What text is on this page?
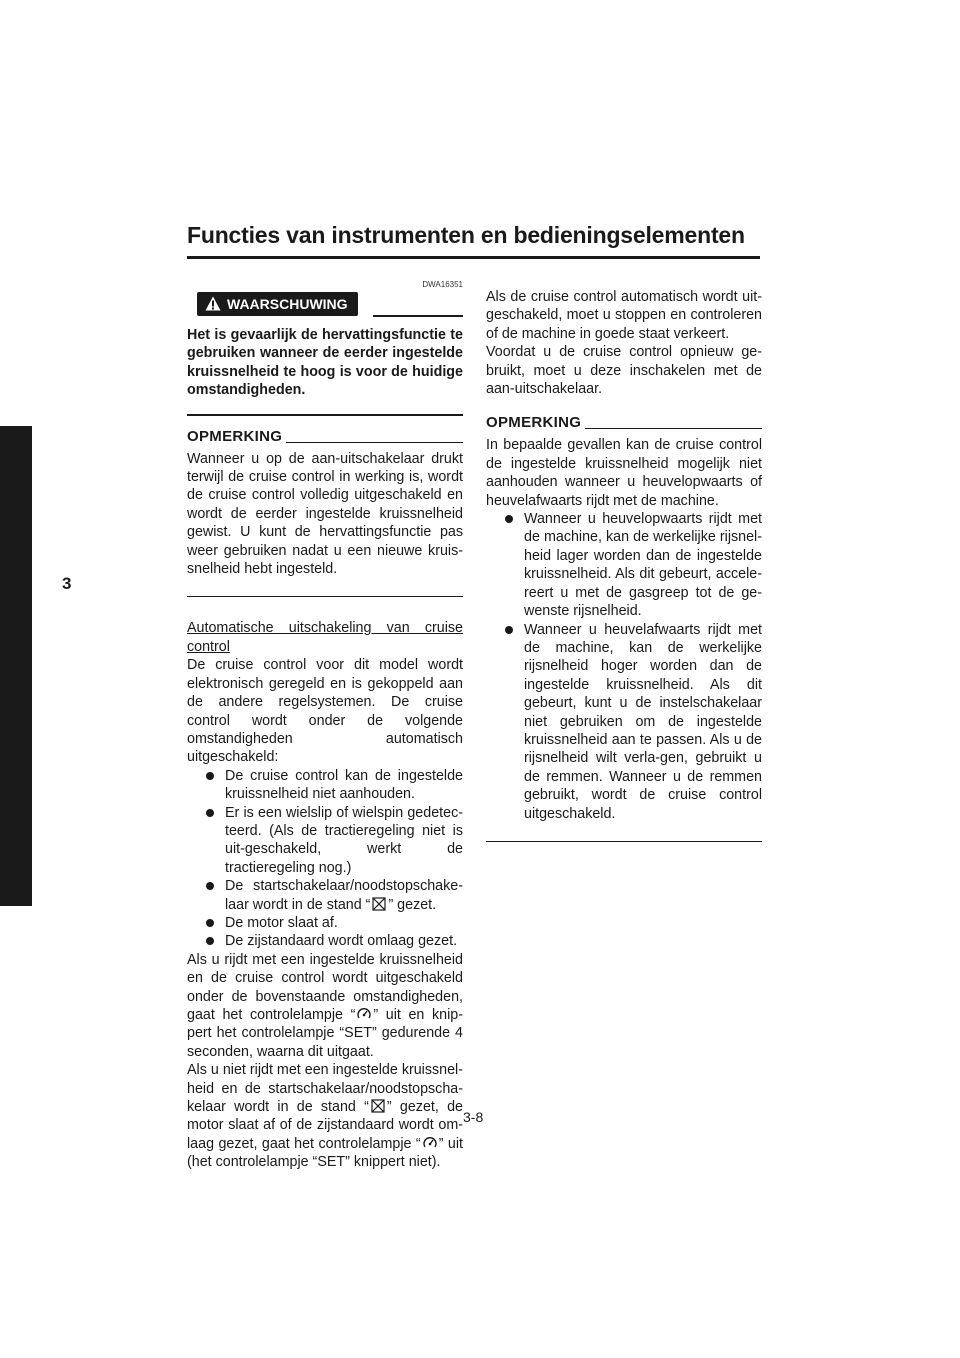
Functies van instrumenten en bedieningselementen
3
DWA16351
WAARSCHUWING

Het is gevaarlijk de hervattingsfunctie te gebruiken wanneer de eerder ingestelde kruissnelheid te hoog is voor de huidige omstandigheden.

OPMERKING

Wanneer u op de aan-uitschakelaar drukt terwijl de cruise control in werking is, wordt de cruise control volledig uitgeschakeld en wordt de eerder ingestelde kruissnelheid gewist. U kunt de hervattingsfunctie pas weer gebruiken nadat u een nieuwe kruis-snelheid hebt ingesteld.

Automatische uitschakeling van cruise

control

De cruise control voor dit model wordt elektronisch geregeld en is gekoppeld aan de andere regelsystemen. De cruise control wordt onder de volgende omstandigheden automatisch uitgeschakeld:

De cruise control kan de ingestelde kruissnelheid niet aanhouden.
Er is een wielslip of wielspin gedetec-teerd. (Als de tractieregeling niet is uit-geschakeld, werkt de tractieregeling nog.)
De startschakelaar/noodstopschake-laar wordt in de stand “ ” gezet.
De motor slaat af.
De zijstandaard wordt omlaag gezet.

Als u rijdt met een ingestelde kruissnelheid en de cruise control wordt uitgeschakeld onder de bovenstaande omstandigheden, gaat het controlelampje “ ” uit en knip-pert het controlelampje “SET” gedurende 4 seconden, waarna dit uitgaat.

Als u niet rijdt met een ingestelde kruissnel-heid en de startschakelaar/noodstopscha-kelaar wordt in de stand “ ” gezet, de motor slaat af of de zijstandaard wordt om-laag gezet, gaat het controlelampje “ ” uit (het controlelampje “SET” knippert niet).

Als de cruise control automatisch wordt uit-geschakeld, moet u stoppen en controleren of de machine in goede staat verkeert.

Voordat u de cruise control opnieuw ge-bruikt, moet u deze inschakelen met de aan-uitschakelaar.

OPMERKING

In bepaalde gevallen kan de cruise control de ingestelde kruissnelheid mogelijk niet aanhouden wanneer u heuvelopwaarts of heuvelafwaarts rijdt met de machine.

Wanneer u heuvelopwaarts rijdt met de machine, kan de werkelijke rijsnel-heid lager worden dan de ingestelde kruissnelheid. Als dit gebeurt, accele-reert u met de gasgreep tot de ge-wenste rijsnelheid.
Wanneer u heuvelafwaarts rijdt met de machine, kan de werkelijke rijsnelheid hoger worden dan de ingestelde kruissnelheid. Als dit gebeurt, kunt u de instelschakelaar niet gebruiken om de ingestelde kruissnelheid aan te passen. Als u de rijsnelheid wilt verla-gen, gebruikt u de remmen. Wanneer u de remmen gebruikt, wordt de cruise control uitgeschakeld.
3-8
